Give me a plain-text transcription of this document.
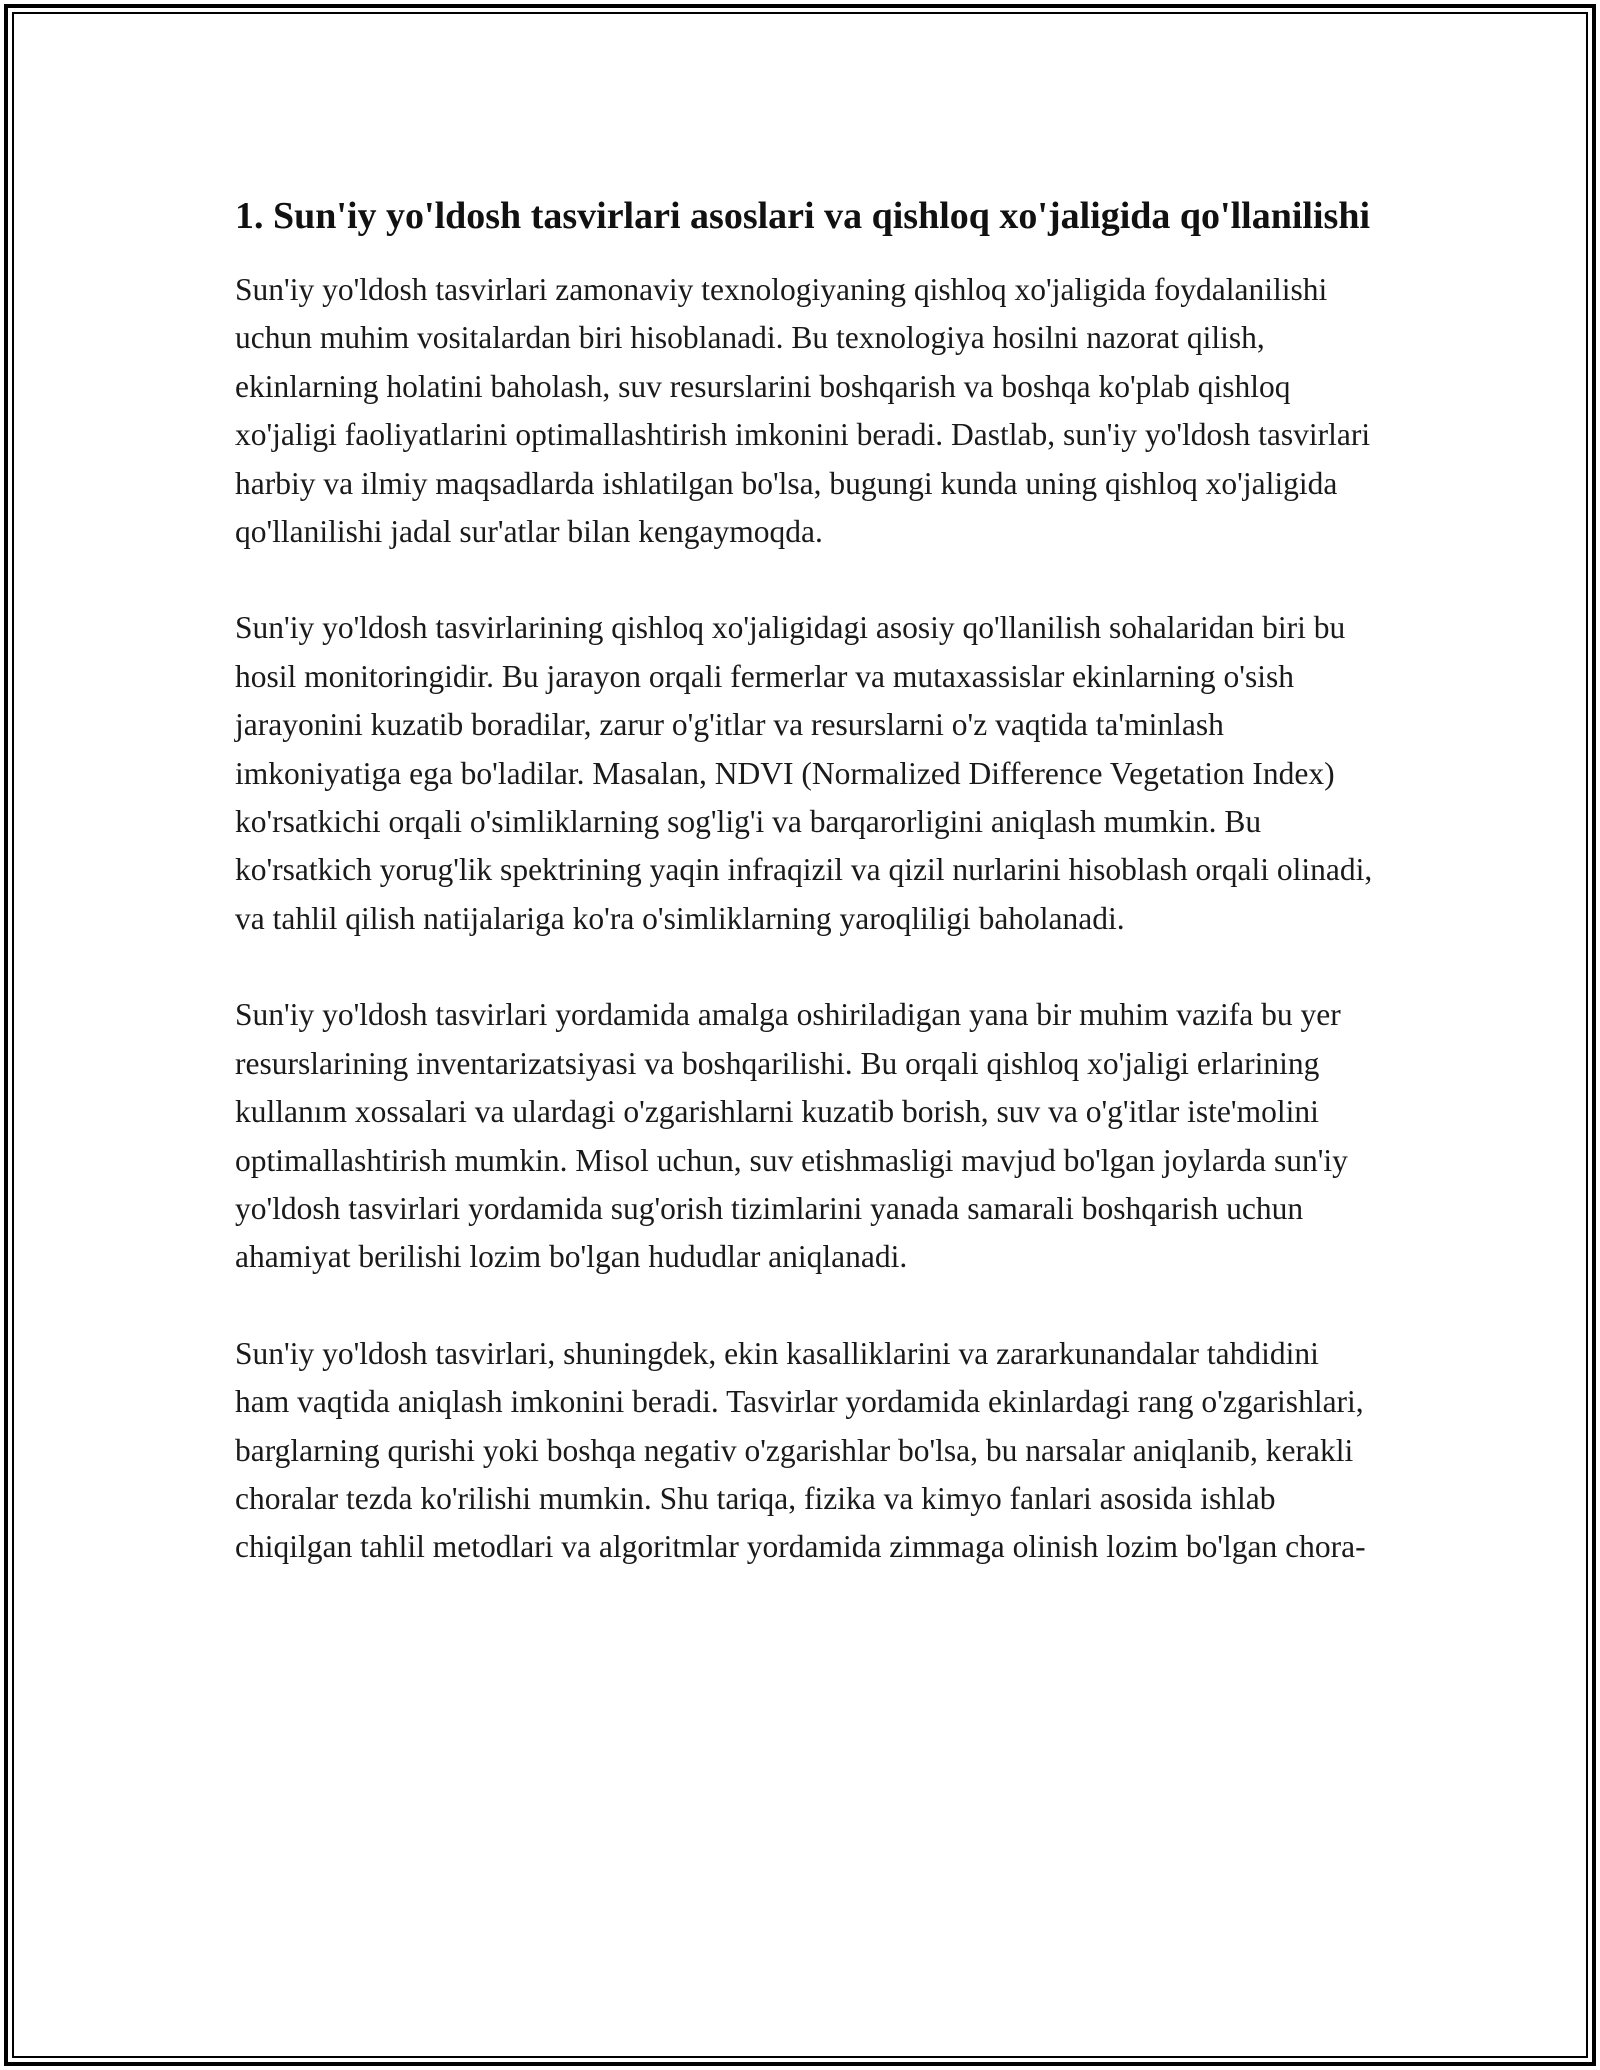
1. Sun'iy yo'ldosh tasvirlari asoslari va qishloq xo'jaligida qo'llanilishi

Sun'iy yo'ldosh tasvirlari zamonaviy texnologiyaning qishloq xo'jaligida foydalanilishi uchun muhim vositalardan biri hisoblanadi. Bu texnologiya hosilni nazorat qilish, ekinlarning holatini baholash, suv resurslarini boshqarish va boshqa ko'plab qishloq xo'jaligi faoliyatlarini optimallashtirish imkonini beradi. Dastlab, sun'iy yo'ldosh tasvirlari harbiy va ilmiy maqsadlarda ishlatilgan bo'lsa, bugungi kunda uning qishloq xo'jaligida qo'llanilishi jadal sur'atlar bilan kengaymoqda.

Sun'iy yo'ldosh tasvirlarining qishloq xo'jaligidagi asosiy qo'llanilish sohalaridan biri bu hosil monitoringidir. Bu jarayon orqali fermerlar va mutaxassislar ekinlarning o'sish jarayonini kuzatib boradilar, zarur o'g'itlar va resurslarni o'z vaqtida ta'minlash imkoniyatiga ega bo'ladilar. Masalan, NDVI (Normalized Difference Vegetation Index) ko'rsatkichi orqali o'simliklarning sog'lig'i va barqarorligini aniqlash mumkin. Bu ko'rsatkich yorug'lik spektrining yaqin infraqizil va qizil nurlarini hisoblash orqali olinadi, va tahlil qilish natijalariga ko'ra o'simliklarning yaroqliligi baholanadi.

Sun'iy yo'ldosh tasvirlari yordamida amalga oshiriladigan yana bir muhim vazifa bu yer resurslarining inventarizatsiyasi va boshqarilishi. Bu orqali qishloq xo'jaligi erlarining kullanım xossalari va ulardagi o'zgarishlarni kuzatib borish, suv va o'g'itlar iste'molini optimallashtirish mumkin. Misol uchun, suv etishmasligi mavjud bo'lgan joylarda sun'iy yo'ldosh tasvirlari yordamida sug'orish tizimlarini yanada samarali boshqarish uchun ahamiyat berilishi lozim bo'lgan hududlar aniqlanadi.

Sun'iy yo'ldosh tasvirlari, shuningdek, ekin kasalliklarini va zararkunandalar tahdidini ham vaqtida aniqlash imkonini beradi. Tasvirlar yordamida ekinlardagi rang o'zgarishlari, barglarning qurishi yoki boshqa negativ o'zgarishlar bo'lsa, bu narsalar aniqlanib, kerakli choralar tezda ko'rilishi mumkin. Shu tariqa, fizika va kimyo fanlari asosida ishlab chiqilgan tahlil metodlari va algoritmlar yordamida zimmaga olinish lozim bo'lgan chora-
